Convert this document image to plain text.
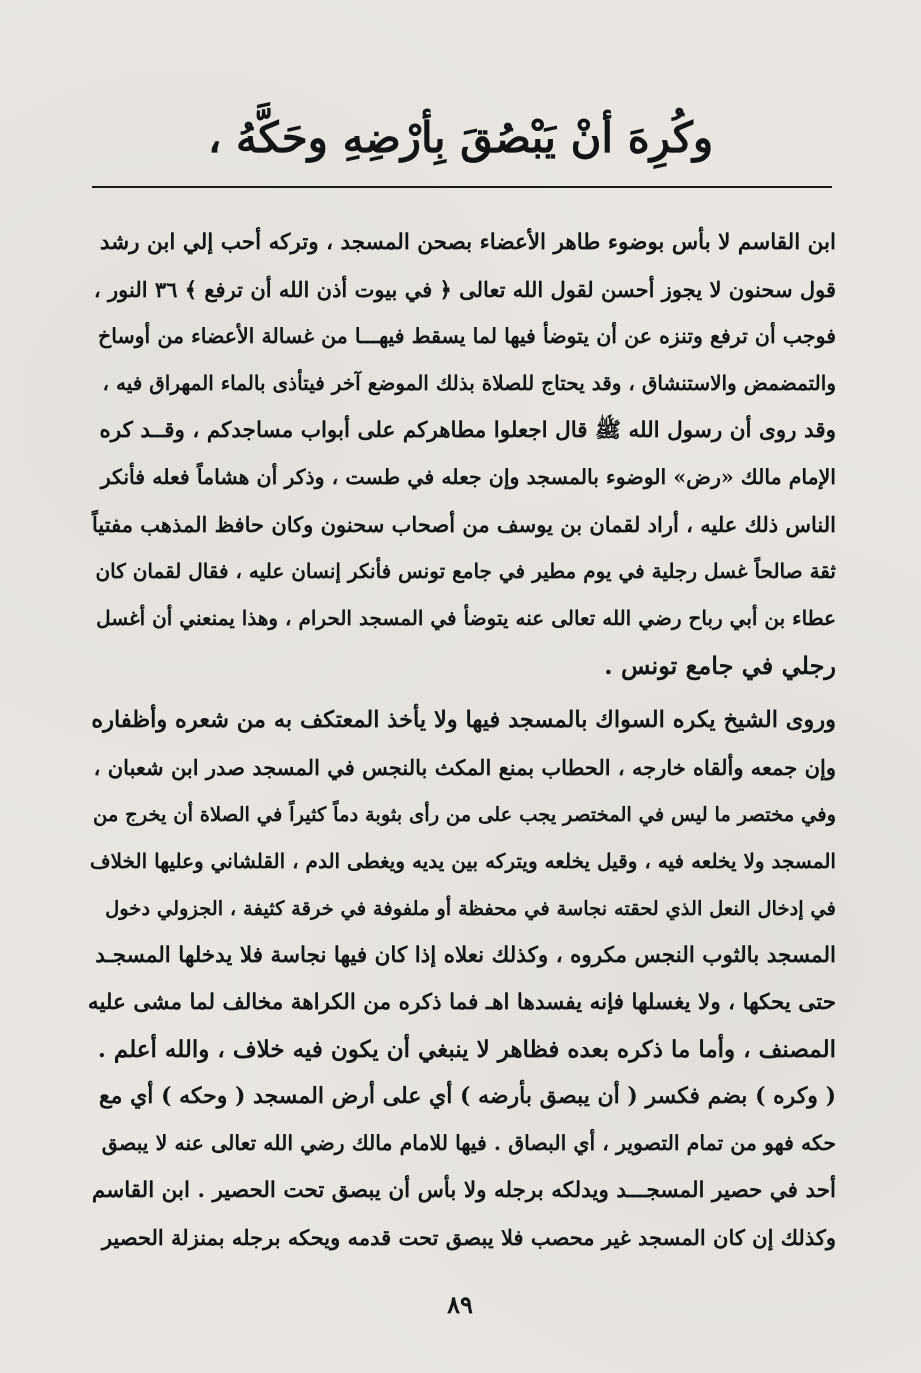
وكُرِهَ أنْ يَبْصُقَ بِأرْضِهِ وحَكَّهُ ،
ابن القاسم لا بأس بوضوء طاهر الأعضاء بصحن المسجد ، وتركه أحب إلي ابن رشد
قول سحنون لا يجوز أحسن لقول الله تعالى ﴿ في بيوت أذن الله أن ترفع ﴾ ٣٦ النور ،
فوجب أن ترفع وتنزه عن أن يتوضأ فيها لما يسقط فيهـــا من غسالة الأعضاء من أوساخ
والتمضمض والاستنشاق ، وقد يحتاج للصلاة بذلك الموضع آخر فيتأذى بالماء المهراق فيه ،
وقد روى أن رسول الله ﷺ قال اجعلوا مطاهركم على أبواب مساجدكم ، وقــد كره
الإمام مالك «رض» الوضوء بالمسجد وإن جعله في طست ، وذكر أن هشاماً فعله فأنكر
الناس ذلك عليه ، أراد لقمان بن يوسف من أصحاب سحنون وكان حافظ المذهب مفتياً
ثقة صالحاً غسل رجلية في يوم مطير في جامع تونس فأنكر إنسان عليه ، فقال لقمان كان
عطاء بن أبي رباح رضي الله تعالى عنه يتوضأ في المسجد الحرام ، وهذا يمنعني أن أغسل
رجلي في جامع تونس .
وروى الشيخ يكره السواك بالمسجد فيها ولا يأخذ المعتكف به من شعره وأظفاره
وإن جمعه وألقاه خارجه ، الحطاب بمنع المكث بالنجس في المسجد صدر ابن شعبان ،
وفي مختصر ما ليس في المختصر يجب على من رأى بثوبة دماً كثيراً في الصلاة أن يخرج من
المسجد ولا يخلعه فيه ، وقيل يخلعه ويتركه بين يديه ويغطى الدم ، القلشاني وعليها الخلاف
في إدخال النعل الذي لحقته نجاسة في محفظة أو ملفوفة في خرقة كثيفة ، الجزولي دخول
المسجد بالثوب النجس مكروه ، وكذلك نعلاه إذا كان فيها نجاسة فلا يدخلها المسجـد
حتى يحكها ، ولا يغسلها فإنه يفسدها اهـ فما ذكره من الكراهة مخالف لما مشى عليه
المصنف ، وأما ما ذكره بعده فظاهر لا ينبغي أن يكون فيه خلاف ، والله أعلم .
( وكره ) بضم فكسر ( أن يبصق بأرضه ) أي على أرض المسجد ( وحكه ) أي مع
حكه فهو من تمام التصوير ، أي البصاق . فيها للامام مالك رضي الله تعالى عنه لا يبصق
أحد في حصير المسجـــد ويدلكه برجله ولا بأس أن يبصق تحت الحصير . ابن القاسم
وكذلك إن كان المسجد غير محصب فلا يبصق تحت قدمه ويحكه برجله بمنزلة الحصير
٨٩
